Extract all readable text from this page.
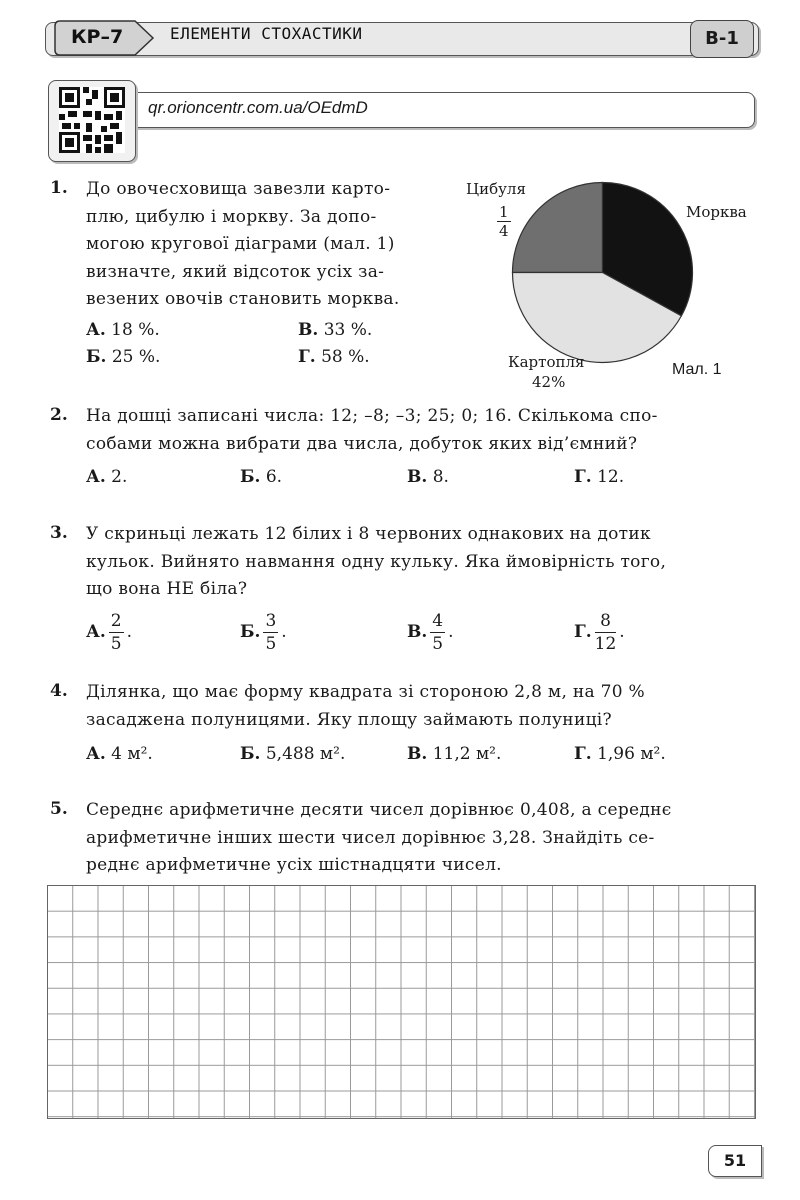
КР–7	ЕЛЕМЕНТИ СТОХАСТИКИ	В-1
qr.orioncentr.com.ua/OEdmD
1. До овочесховища завезли карто-
плю, цибулю і моркву. За допо-
могою кругової діаграми (мал. 1)
визначте, який відсоток усіх за-
везених овочів становить морква.
А. 18 %.	В. 33 %.
Б. 25 %.	Г. 58 %.
Цибуля
$\frac{1}{4}$	Морква
Картопля
42%
Мал. 1
2. На дошці записані числа: 12; –8; –3; 25; 0; 16. Скількома спо-
собами можна вибрати два числа, добуток яких від’ємний?
А. 2.	Б. 6.	В. 8.	Г. 12.
3. У скриньці лежать 12 білих і 8 червоних однакових на дотик
кульок. Вийнято навмання одну кульку. Яка ймовірність того,
що вона НЕ біла?
А. $\frac{2}{5}$ .	Б. $\frac{3}{5}$ .	В. $\frac{4}{5}$ .	Г. $\frac{8}{12}$ .
4. Ділянка, що має форму квадрата зі стороною 2,8 м, на 70 %
засаджена полуницями. Яку площу займають полуниці?
А. 4 м².	Б. 5,488 м².	В. 11,2 м².	Г. 1,96 м².
5. Середнє арифметичне десяти чисел дорівнює 0,408, а середнє
арифметичне інших шести чисел дорівнює 3,28. Знайдіть се-
реднє арифметичне усіх шістнадцяти чисел.
51
